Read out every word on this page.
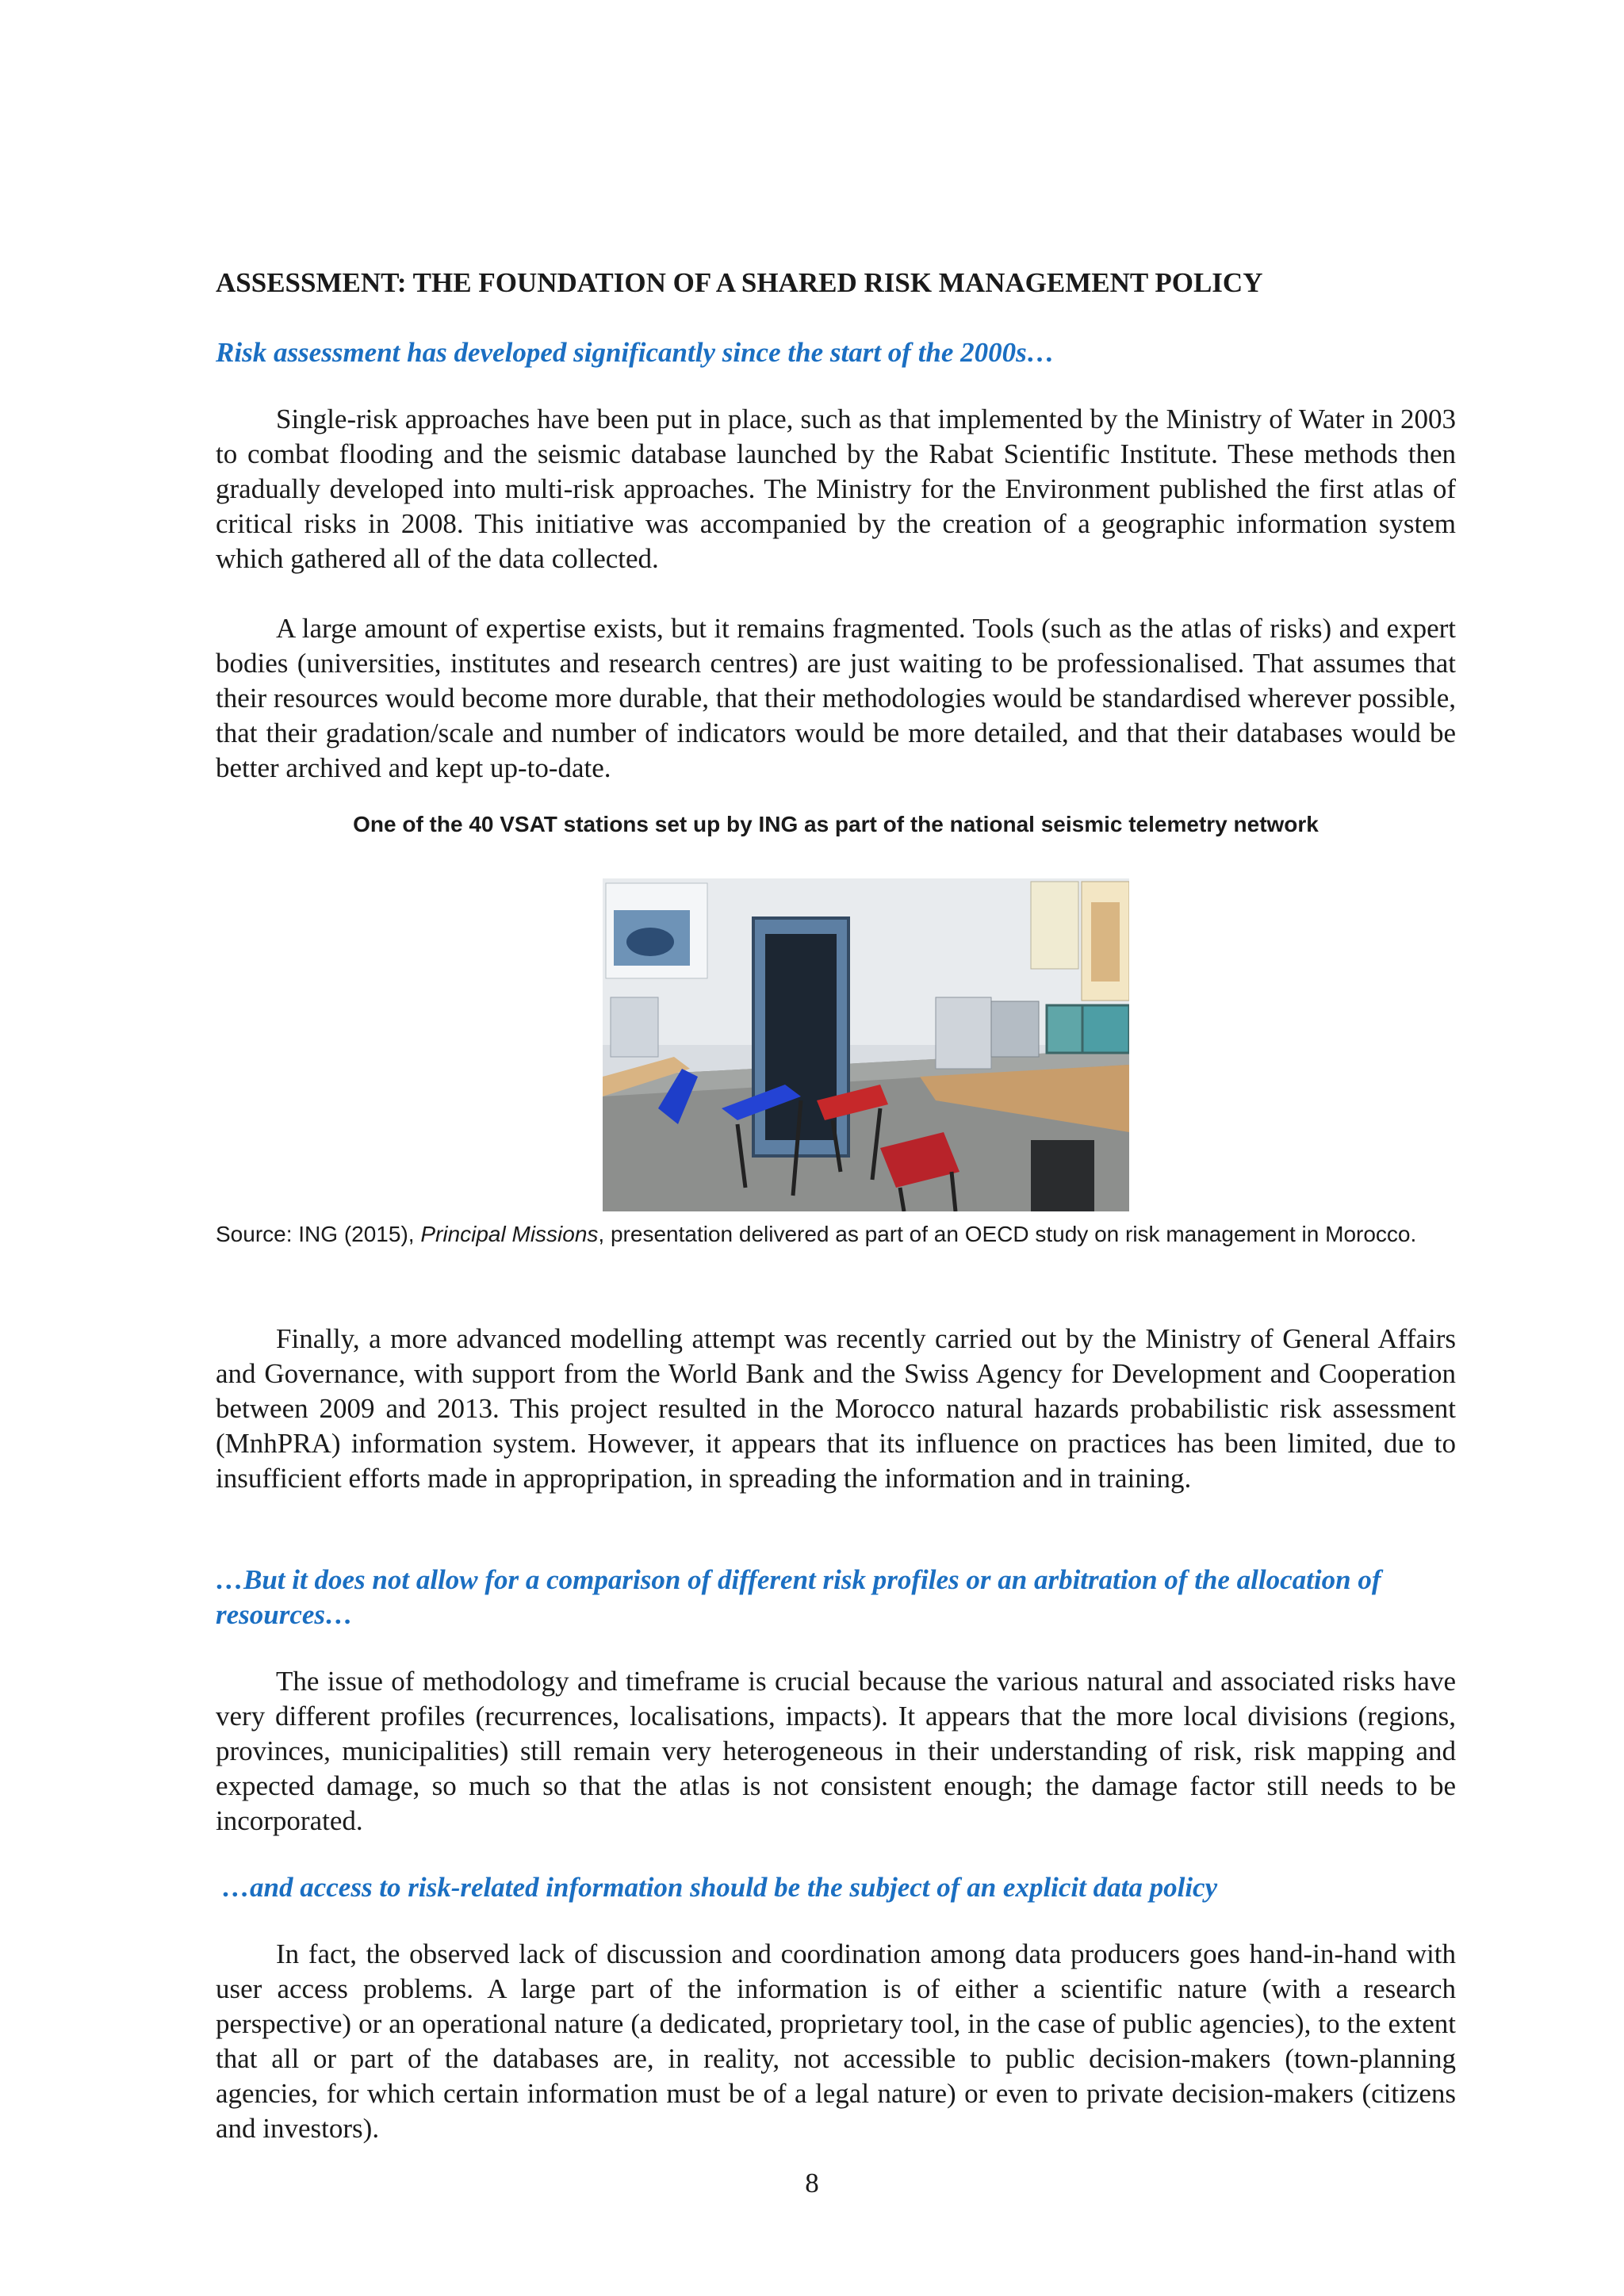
ASSESSMENT: THE FOUNDATION OF A SHARED RISK MANAGEMENT POLICY
Risk assessment has developed significantly since the start of the 2000s…

Single-risk approaches have been put in place, such as that implemented by the Ministry of Water in 2003 to combat flooding and the seismic database launched by the Rabat Scientific Institute. These methods then gradually developed into multi-risk approaches. The Ministry for the Environment published the first atlas of critical risks in 2008. This initiative was accompanied by the creation of a geographic information system which gathered all of the data collected.

A large amount of expertise exists, but it remains fragmented. Tools (such as the atlas of risks) and expert bodies (universities, institutes and research centres) are just waiting to be professionalised. That assumes that their resources would become more durable, that their methodologies would be standardised wherever possible, that their gradation/scale and number of indicators would be more detailed, and that their databases would be better archived and kept up-to-date.

One of the 40 VSAT stations set up by ING as part of the national seismic telemetry network

Source: ING (2015), Principal Missions, presentation delivered as part of an OECD study on risk management in Morocco.

Finally, a more advanced modelling attempt was recently carried out by the Ministry of General Affairs and Governance, with support from the World Bank and the Swiss Agency for Development and Cooperation between 2009 and 2013. This project resulted in the Morocco natural hazards probabilistic risk assessment (MnhPRA) information system. However, it appears that its influence on practices has been limited, due to insufficient efforts made in appropripation, in spreading the information and in training.

…But it does not allow for a comparison of different risk profiles or an arbitration of the allocation of resources…

The issue of methodology and timeframe is crucial because the various natural and associated risks have very different profiles (recurrences, localisations, impacts). It appears that the more local divisions (regions, provinces, municipalities) still remain very heterogeneous in their understanding of risk, risk mapping and expected damage, so much so that the atlas is not consistent enough; the damage factor still needs to be incorporated.

…and access to risk-related information should be the subject of an explicit data policy

In fact, the observed lack of discussion and coordination among data producers goes hand-in-hand with user access problems. A large part of the information is of either a scientific nature (with a research perspective) or an operational nature (a dedicated, proprietary tool, in the case of public agencies), to the extent that all or part of the databases are, in reality, not accessible to public decision-makers (town-planning agencies, for which certain information must be of a legal nature) or even to private decision-makers (citizens and investors).

8
